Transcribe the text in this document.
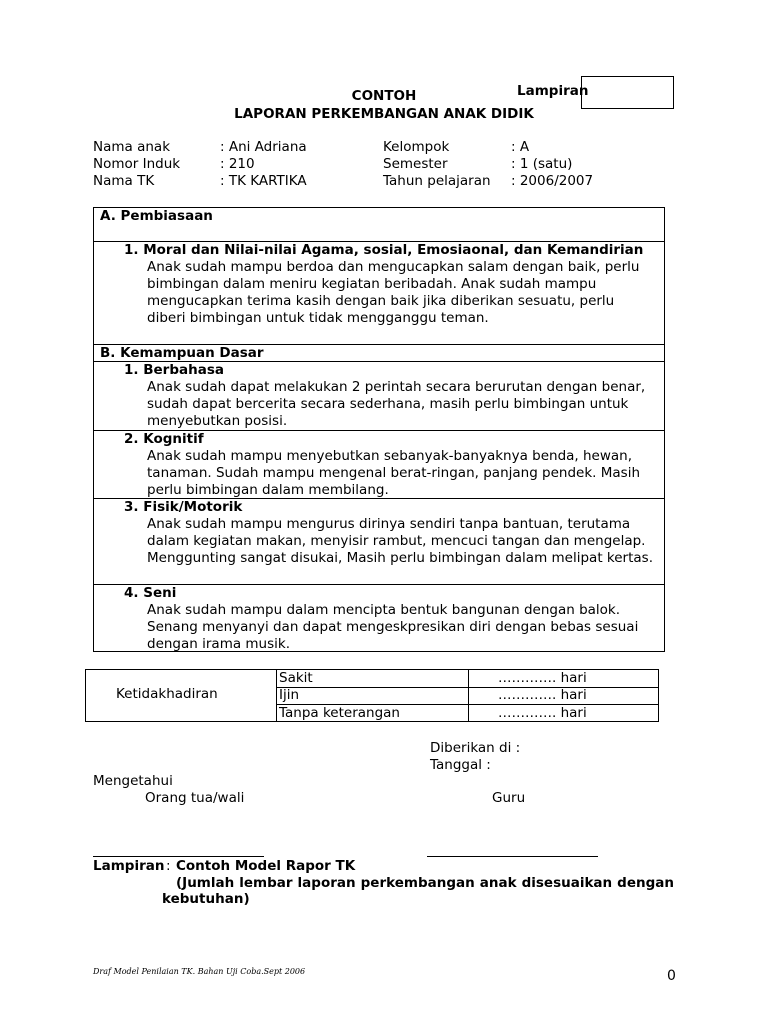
Lampiran
CONTOH
LAPORAN PERKEMBANGAN ANAK DIDIK
Nama anak	: Ani Adriana	Kelompok	: A
Nomor Induk	: 210	Semester	: 1 (satu)
Nama TK	: TK KARTIKA	Tahun pelajaran : 2006/2007
A. Pembiasaan
1. Moral dan Nilai-nilai Agama, sosial, Emosiaonal, dan Kemandirian
Anak sudah mampu berdoa dan mengucapkan salam dengan baik, perlu bimbingan dalam meniru kegiatan beribadah. Anak sudah mampu mengucapkan terima kasih dengan baik jika diberikan sesuatu, perlu diberi bimbingan untuk tidak mengganggu teman.
B. Kemampuan Dasar
1. Berbahasa
Anak sudah dapat melakukan 2 perintah secara berurutan dengan benar, sudah dapat bercerita secara sederhana, masih perlu bimbingan untuk menyebutkan posisi.
2. Kognitif
Anak sudah mampu menyebutkan sebanyak-banyaknya benda, hewan, tanaman. Sudah mampu mengenal berat-ringan, panjang pendek. Masih perlu bimbingan dalam membilang.
3. Fisik/Motorik
Anak sudah mampu mengurus dirinya sendiri tanpa bantuan, terutama dalam kegiatan makan, menyisir rambut, mencuci tangan dan mengelap. Menggunting sangat disukai, Masih perlu bimbingan dalam melipat kertas.
4. Seni
Anak sudah mampu dalam mencipta bentuk bangunan dengan balok. Senang menyanyi dan dapat mengeskpresikan diri dengan bebas sesuai dengan irama musik.
Ketidakhadiran
Sakit	…………. hari
Ijin	…………. hari
Tanpa keterangan	…………. hari
Diberikan di :
Tanggal :
Mengetahui
Orang tua/wali	Guru
Lampiran : Contoh Model Rapor TK
(Jumlah lembar laporan perkembangan anak disesuaikan dengan
kebutuhan)
Draf Model Penilaian TK. Bahan Uji Coba.Sept 2006	0
